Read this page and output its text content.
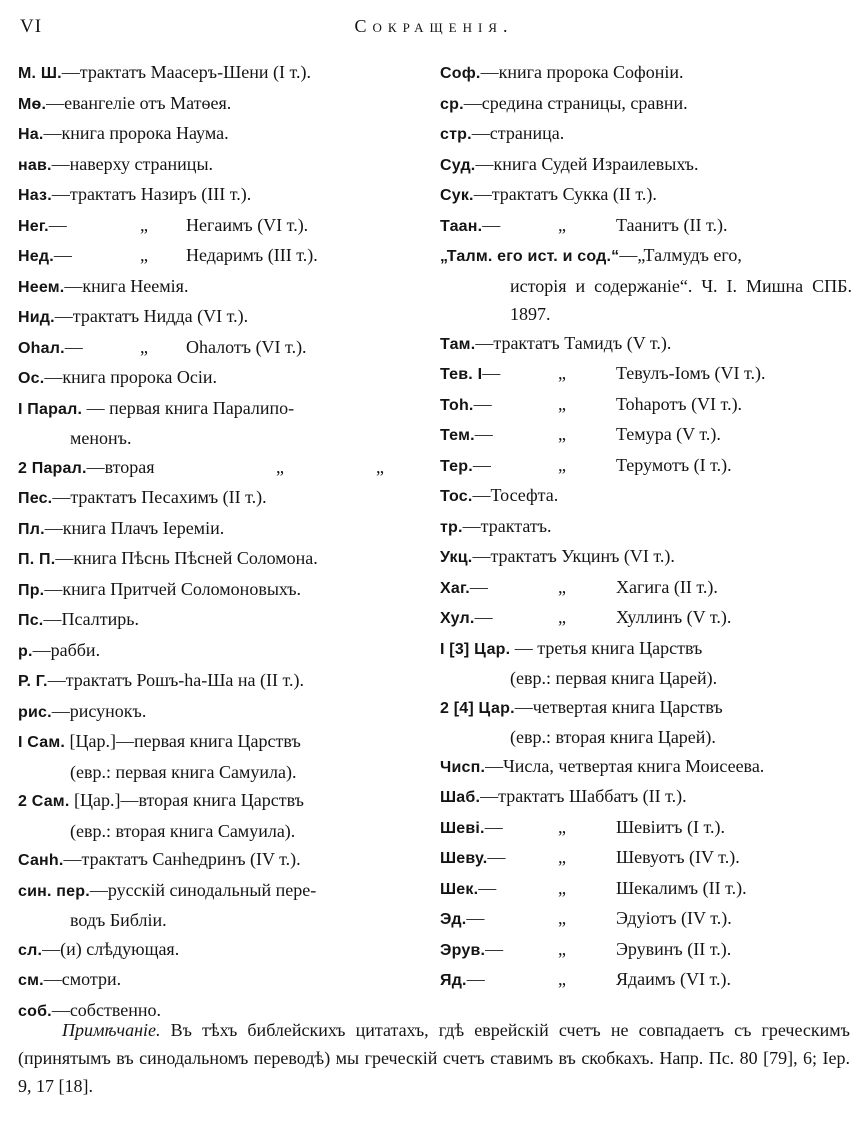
VI	Сокращенія.
М. Ш.—трактатъ Маасеръ-Шени (I т.).
Мѳ.—евангеліе отъ Матѳея.
На.—книга пророка Наума.
нав.—наверху страницы.
Наз.—трактатъ Назиръ (III т.).
Нег.—	„ Негаимъ (VI т.).
Нед.—	„ Недаримъ (III т.).
Неем.—книга Неемія.
Нид.—трактатъ Нидда (VI т.).
Ohал.—	„ Ohалотъ (VI т.).
Ос.—книга пророка Осіи.
I Парал. — первая книга Паралипо-
менонъ.
2 Парал.—вторая	„	„
Пес.—трактатъ Песахимъ (II т.).
Пл.—книга Плачъ Іереміи.
П. П.—книга Пѣснь Пѣсней Соломона.
Пр.—книга Притчей Соломоновыхъ.
Пс.—Псалтирь.
р.—рабби.
Р. Г.—трактатъ Рошъ-hа-Ша на (II т.).
рис.—рисунокъ.
I Сам. [Цар.]—первая книга Царствъ
(евр.: первая книга Самуила).
2 Сам. [Цар.]—вторая книга Царствъ
(евр.: вторая книга Самуила).
Санh.—трактатъ Санhедринъ (IV т.).
син. пер.—русскій синодальный пере-
водъ Библіи.
сл.—(и) слѣдующая.
см.—смотри.
соб.—собственно.
Соф.—книга пророка Софоніи.
ср.—средина страницы, сравни.
стр.—страница.
Суд.—книга Судей Израилевыхъ.
Сук.—трактатъ Сукка (II т.).
Таан.—	„	Таанитъ (II т.).
„Талм. его ист. и сод.“—„Талмудъ его,
исторія и содержаніе“. Ч. I. Мишна СПБ. 1897.
Там.—трактатъ Тамидъ (V т.).
Тев. I—	„	Тевулъ-Іомъ (VI т.).
Тоh.—	„	Тоhаротъ (VI т.).
Тем.—	„	Темура (V т.).
Тер.—	„	Терумотъ (I т.).
Тос.—Тосефта.
тр.—трактатъ.
Укц.—трактатъ Укцинъ (VI т.).
Хаг.—	„	Хагига (II т.).
Хул.—	„	Хуллинъ (V т.).
I [3] Цар. — третья книга Царствъ
(евр.: первая книга Царей).
2 [4] Цар.—четвертая книга Царствъ
(евр.: вторая книга Царей).
Чисп.—Числа, четвертая книга Моисеева.
Шаб.—трактатъ Шаббатъ (II т.).
Шевi.—	„	Шевіитъ (I т.).
Шеву.—	„	Шевуотъ (IV т.).
Шек.—	„	Шекалимъ (II т.).
Эд.—	„	Эдуіотъ (IV т.).
Эрув.—	„	Эрувинъ (II т.).
Яд.—	„	Ядаимъ (VI т.).

Примѣчаніе. Въ тѣхъ библейскихъ цитатахъ, гдѣ еврейскій счетъ не совпадаетъ съ греческимъ (принятымъ въ синодальномъ переводѣ) мы греческій счетъ ставимъ въ скобкахъ. Напр. Пс. 80 [79], 6; Іер. 9, 17 [18].
